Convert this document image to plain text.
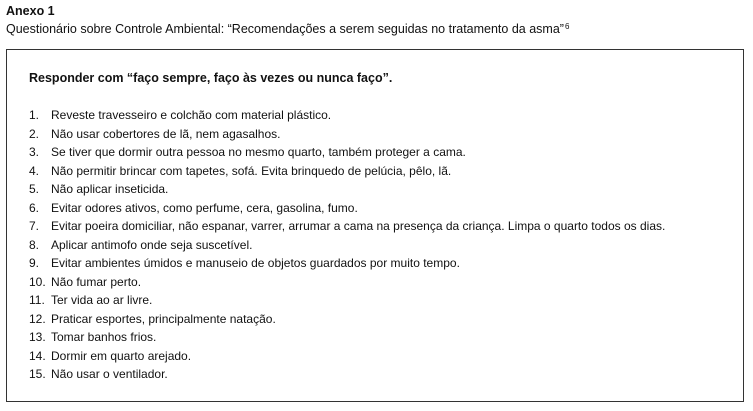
Anexo 1

Questionário sobre Controle Ambiental: “Recomendações a serem seguidas no tratamento da asma”$^6$

Responder com “faço sempre, faço às vezes ou nunca faço”.

1. Reveste travesseiro e colchão com material plástico.
2. Não usar cobertores de lã, nem agasalhos.
3. Se tiver que dormir outra pessoa no mesmo quarto, também proteger a cama.
4. Não permitir brincar com tapetes, sofá. Evita brinquedo de pelúcia, pêlo, lã.
5. Não aplicar inseticida.
6. Evitar odores ativos, como perfume, cera, gasolina, fumo.
7. Evitar poeira domiciliar, não espanar, varrer, arrumar a cama na presença da criança. Limpa o quarto todos os dias.
8. Aplicar antimofo onde seja suscetível.
9. Evitar ambientes úmidos e manuseio de objetos guardados por muito tempo.
10. Não fumar perto.
11. Ter vida ao ar livre.
12. Praticar esportes, principalmente natação.
13. Tomar banhos frios.
14. Dormir em quarto arejado.
15. Não usar o ventilador.
